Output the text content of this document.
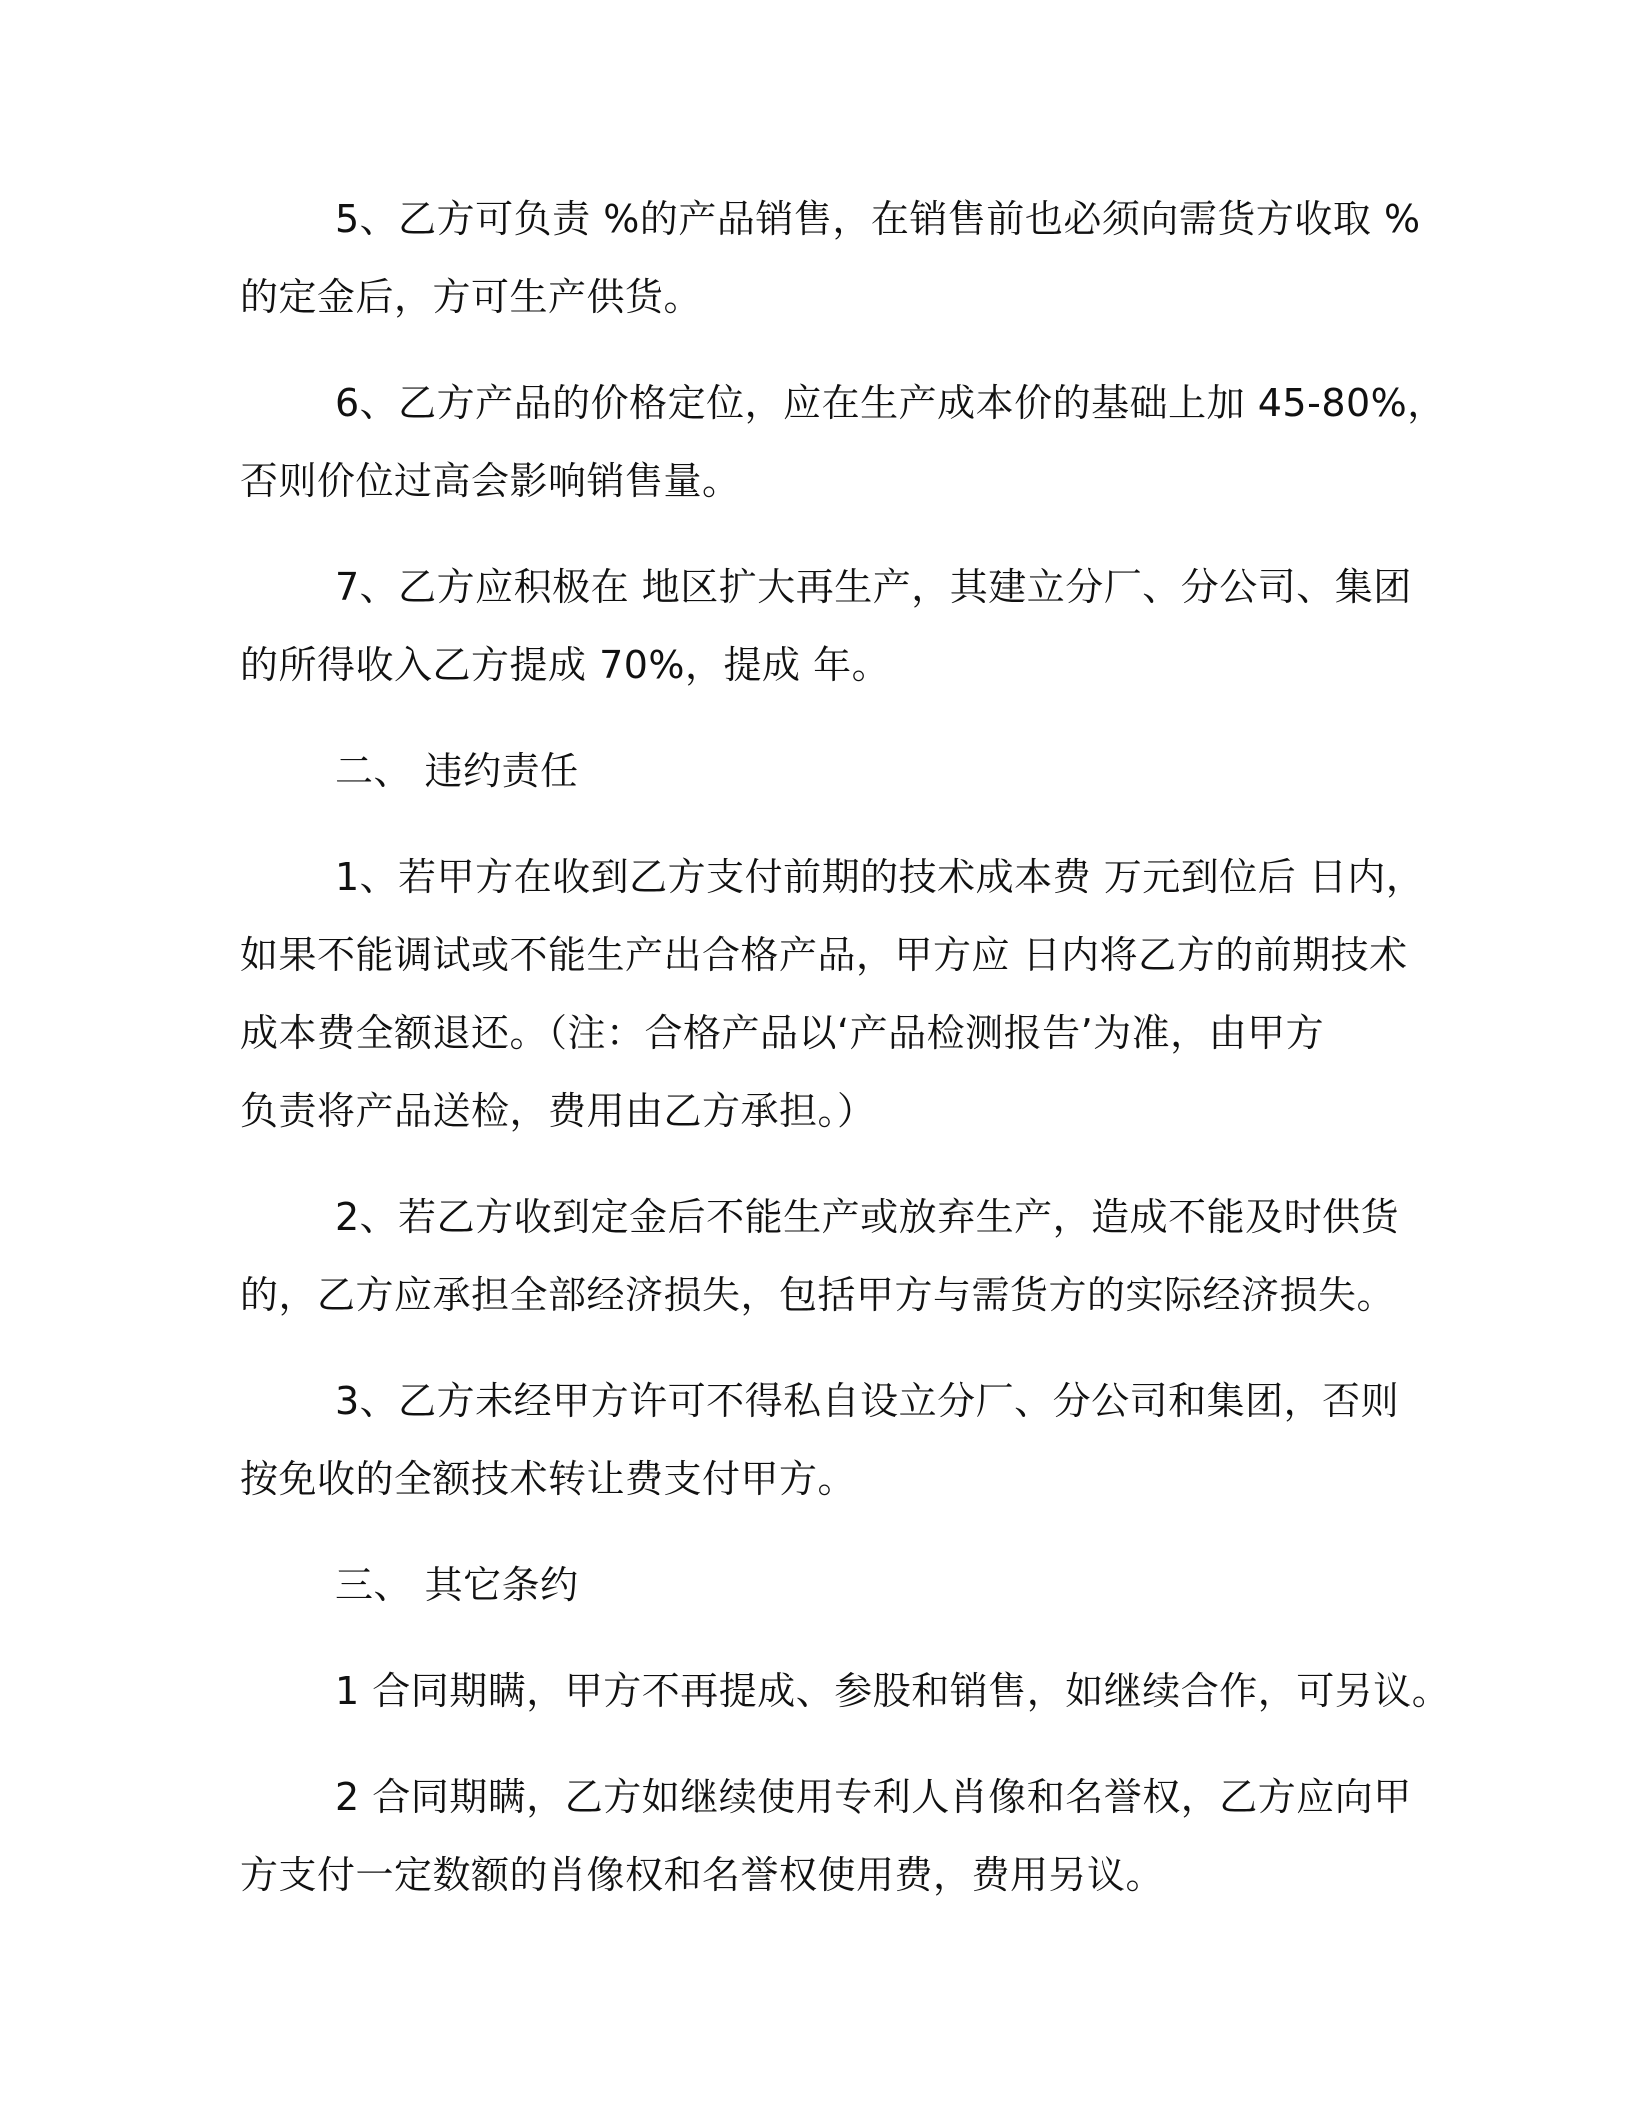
5、乙方可负责 %的产品销售，在销售前也必须向需货方收取 %
的定金后，方可生产供货。
6、乙方产品的价格定位，应在生产成本价的基础上加 45-80%，
否则价位过高会影响销售量。
7、乙方应积极在 地区扩大再生产，其建立分厂、分公司、集团
的所得收入乙方提成 70%，提成 年。
二、 违约责任
1、若甲方在收到乙方支付前期的技术成本费 万元到位后 日内，
如果不能调试或不能生产出合格产品，甲方应 日内将乙方的前期技术
成本费全额退还。（注：合格产品以‘产品检测报告’为准，由甲方
负责将产品送检，费用由乙方承担。）
2、若乙方收到定金后不能生产或放弃生产，造成不能及时供货
的，乙方应承担全部经济损失，包括甲方与需货方的实际经济损失。
3、乙方未经甲方许可不得私自设立分厂、分公司和集团，否则
按免收的全额技术转让费支付甲方。
三、 其它条约
1 合同期瞒，甲方不再提成、参股和销售，如继续合作，可另议。
2 合同期瞒，乙方如继续使用专利人肖像和名誉权，乙方应向甲
方支付一定数额的肖像权和名誉权使用费，费用另议。
